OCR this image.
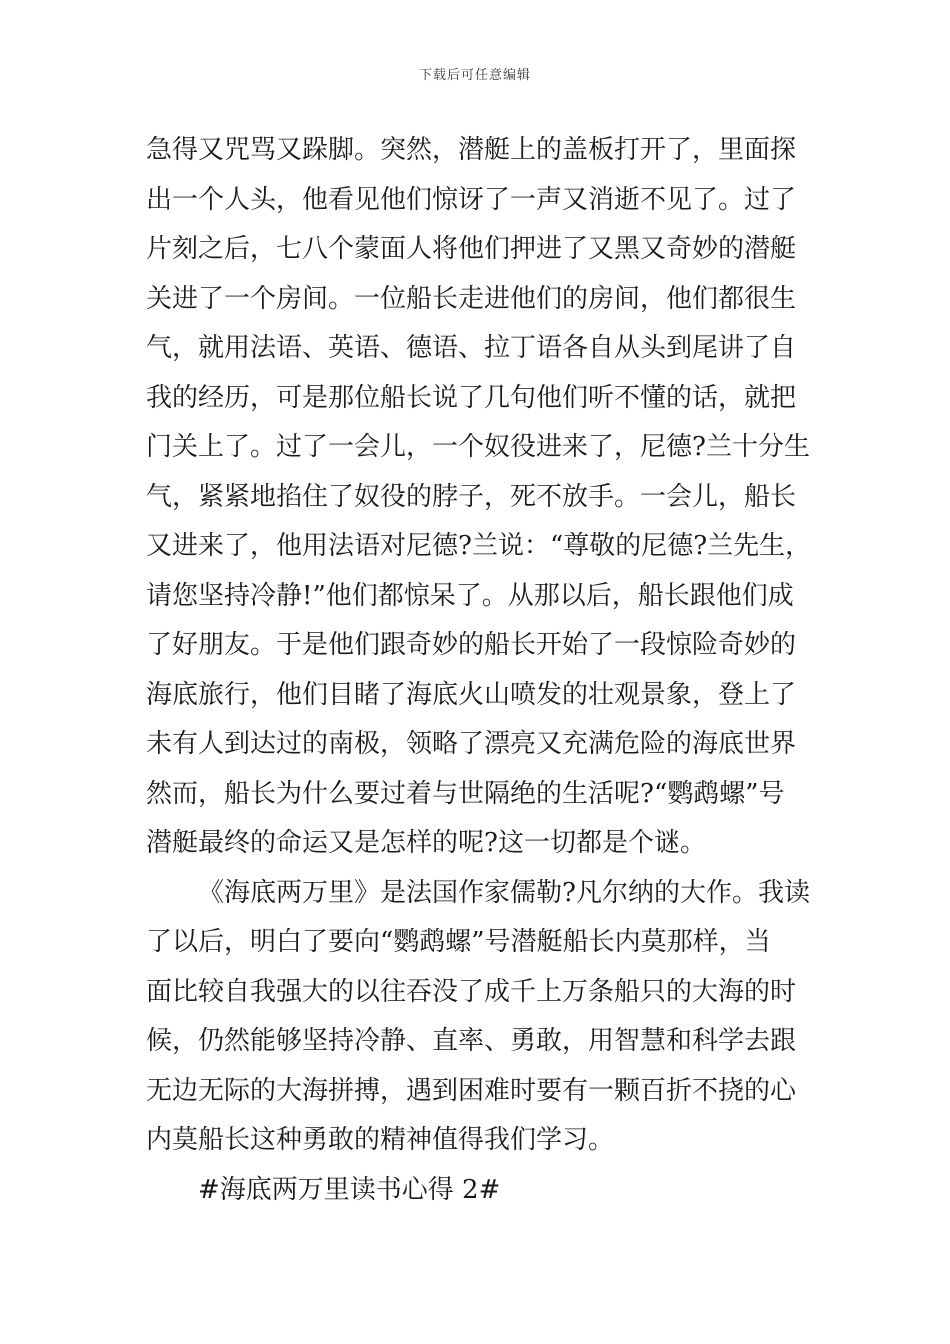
下载后可任意编辑
急得又咒骂又跺脚。突然，潜艇上的盖板打开了，里面探
出一个人头，他看见他们惊讶了一声又消逝不见了。过了
片刻之后，七八个蒙面人将他们押进了又黑又奇妙的潜艇
关进了一个房间。一位船长走进他们的房间，他们都很生
气，就用法语、英语、德语、拉丁语各自从头到尾讲了自
我的经历，可是那位船长说了几句他们听不懂的话，就把
门关上了。过了一会儿，一个奴役进来了，尼德?兰十分生
气，紧紧地掐住了奴役的脖子，死不放手。一会儿，船长
又进来了，他用法语对尼德?兰说：“尊敬的尼德?兰先生，
请您坚持冷静!”他们都惊呆了。从那以后，船长跟他们成
了好朋友。于是他们跟奇妙的船长开始了一段惊险奇妙的
海底旅行，他们目睹了海底火山喷发的壮观景象，登上了
未有人到达过的南极，领略了漂亮又充满危险的海底世界
然而，船长为什么要过着与世隔绝的生活呢?“鹦鹉螺”号
潜艇最终的命运又是怎样的呢?这一切都是个谜。
《海底两万里》是法国作家儒勒?凡尔纳的大作。我读
了以后，明白了要向“鹦鹉螺”号潜艇船长内莫那样，当
面比较自我强大的以往吞没了成千上万条船只的大海的时
候，仍然能够坚持冷静、直率、勇敢，用智慧和科学去跟
无边无际的大海拼搏，遇到困难时要有一颗百折不挠的心
内莫船长这种勇敢的精神值得我们学习。
#海底两万里读书心得 2#
